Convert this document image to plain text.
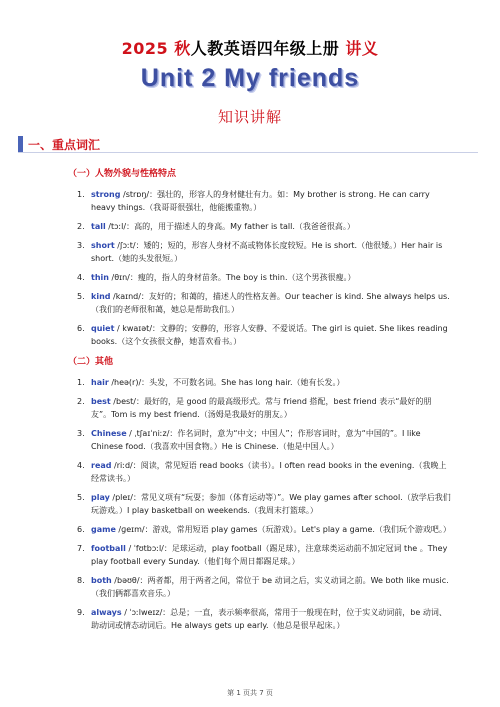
2025 秋人教英语四年级上册 讲义
Unit 2 My friends
知识讲解
一、重点词汇
（一）人物外貌与性格特点
1. strong /strɒŋ/：强壮的，形容人的身材健壮有力。如：My brother is strong. He can carry heavy things.（我哥哥很强壮，他能搬重物。）
2. tall /tɔːl/：高的，用于描述人的身高。My father is tall.（我爸爸很高。）
3. short /ʃɔːt/：矮的；短的，形容人身材不高或物体长度较短。He is short.（他很矮。）Her hair is short.（她的头发很短。）
4. thin /θɪn/：瘦的，指人的身材苗条。The boy is thin.（这个男孩很瘦。）
5. kind /kaɪnd/：友好的；和蔼的，描述人的性格友善。Our teacher is kind. She always helps us.（我们的老师很和蔼，她总是帮助我们。）
6. quiet / kwaɪət/：文静的；安静的，形容人安静、不爱说话。The girl is quiet. She likes reading books.（这个女孩很文静，她喜欢看书。）
（二）其他
1. hair /heə(r)/：头发，不可数名词。She has long hair.（她有长发。）
2. best /best/：最好的，是 good 的最高级形式。常与 friend 搭配，best friend 表示“最好的朋友”。Tom is my best friend.（汤姆是我最好的朋友。）
3. Chinese / ˌtʃaɪˈniːz/：作名词时，意为“中文；中国人”；作形容词时，意为“中国的”。I like Chinese food.（我喜欢中国食物。）He is Chinese.（他是中国人。）
4. read /riːd/：阅读，常见短语 read books（读书）。I often read books in the evening.（我晚上经常读书。）
5. play /pleɪ/：常见义项有“玩耍；参加（体育运动等）”。We play games after school.（放学后我们玩游戏。）I play basketball on weekends.（我周末打篮球。）
6. game /ɡeɪm/：游戏，常用短语 play games（玩游戏）。Let's play a game.（我们玩个游戏吧。）
7. football / ˈfʊtbɔːl/：足球运动，play football（踢足球），注意球类运动前不加定冠词 the 。They play football every Sunday.（他们每个周日都踢足球。）
8. both /bəʊθ/：两者都，用于两者之间，常位于 be 动词之后，实义动词之前。We both like music.（我们俩都喜欢音乐。）
9. always / ˈɔːlweɪz/：总是；一直，表示频率很高，常用于一般现在时，位于实义动词前，be 动词、助动词或情态动词后。He always gets up early.（他总是很早起床。）
第 1 页共 7 页
